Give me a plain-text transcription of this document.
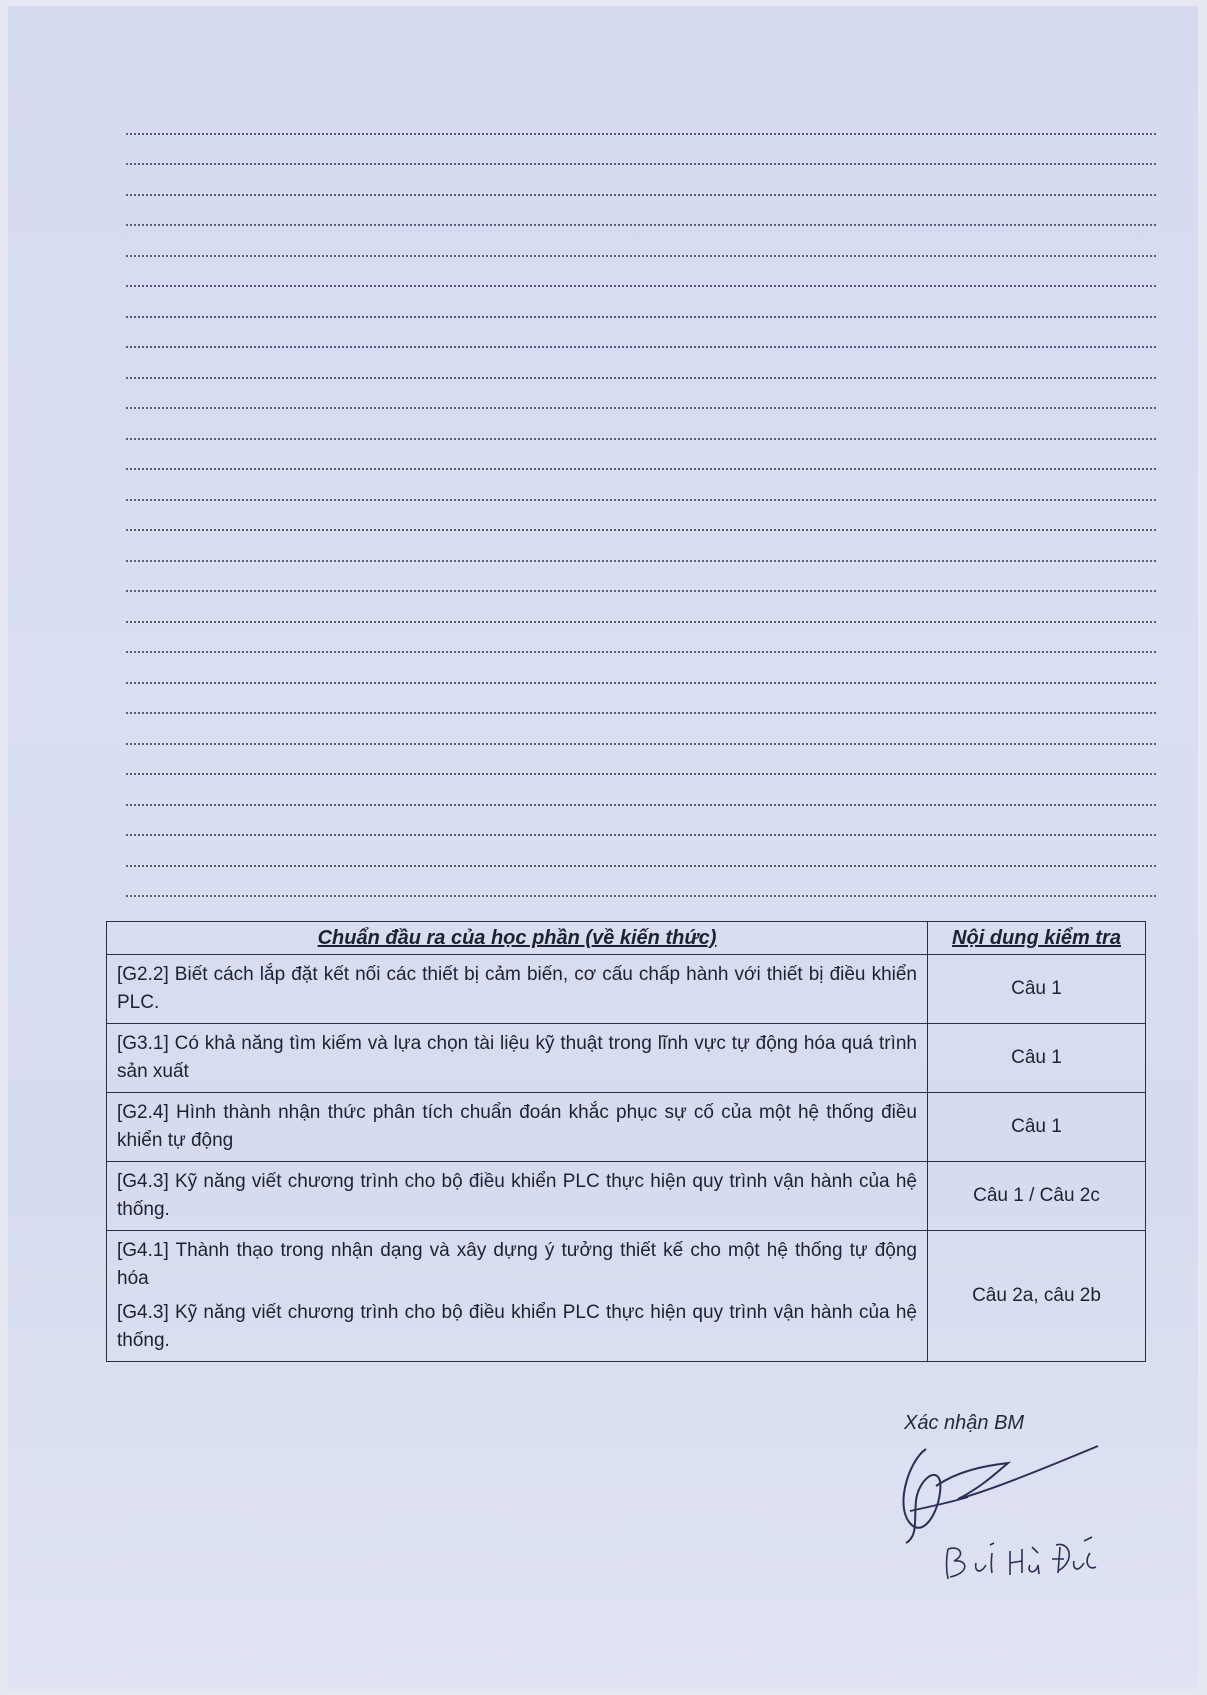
Chuẩn đầu ra của học phần (về kiến thức)	Nội dung kiểm tra

[G2.2] Biết cách lắp đặt kết nối các thiết bị cảm biến, cơ cấu chấp hành với thiết bị điều khiển PLC.	Câu 1

[G3.1] Có khả năng tìm kiếm và lựa chọn tài liệu kỹ thuật trong lĩnh vực tự động hóa quá trình sản xuất	Câu 1

[G2.4] Hình thành nhận thức phân tích chuẩn đoán khắc phục sự cố của một hệ thống điều khiển tự động	Câu 1

[G4.3] Kỹ năng viết chương trình cho bộ điều khiển PLC thực hiện quy trình vận hành của hệ thống.	Câu 1 / Câu 2c

[G4.1] Thành thạo trong nhận dạng và xây dựng ý tưởng thiết kế cho một hệ thống tự động hóa
[G4.3] Kỹ năng viết chương trình cho bộ điều khiển PLC thực hiện quy trình vận hành của hệ thống.	Câu 2a, câu 2b
Xác nhận BM
